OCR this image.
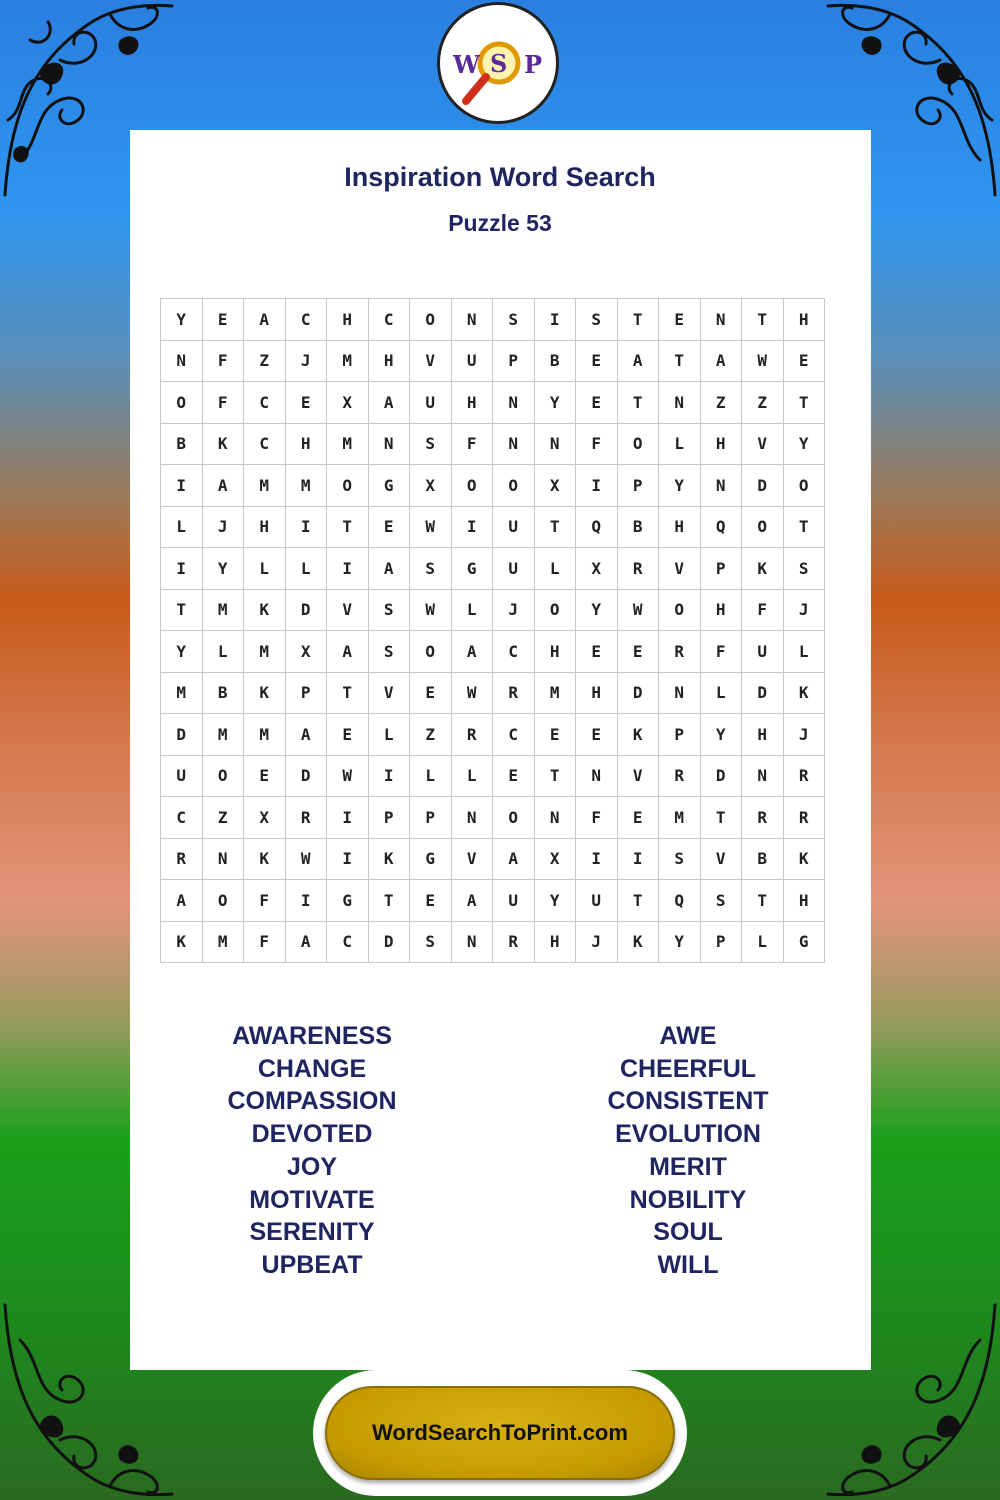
W S P
Inspiration Word Search
Puzzle 53
Y	E	A	C	H	C	O	N	S	I	S	T	E	N	T	H
N	F	Z	J	M	H	V	U	P	B	E	A	T	A	W	E
O	F	C	E	X	A	U	H	N	Y	E	T	N	Z	Z	T
B	K	C	H	M	N	S	F	N	N	F	O	L	H	V	Y
I	A	M	M	O	G	X	O	O	X	I	P	Y	N	D	O
L	J	H	I	T	E	W	I	U	T	Q	B	H	Q	O	T
I	Y	L	L	I	A	S	G	U	L	X	R	V	P	K	S
T	M	K	D	V	S	W	L	J	O	Y	W	O	H	F	J
Y	L	M	X	A	S	O	A	C	H	E	E	R	F	U	L
M	B	K	P	T	V	E	W	R	M	H	D	N	L	D	K
D	M	M	A	E	L	Z	R	C	E	E	K	P	Y	H	J
U	O	E	D	W	I	L	L	E	T	N	V	R	D	N	R
C	Z	X	R	I	P	P	N	O	N	F	E	M	T	R	R
R	N	K	W	I	K	G	V	A	X	I	I	S	V	B	K
A	O	F	I	G	T	E	A	U	Y	U	T	Q	S	T	H
K	M	F	A	C	D	S	N	R	H	J	K	Y	P	L	G
AWARENESS
CHANGE
COMPASSION
DEVOTED
JOY
MOTIVATE
SERENITY
UPBEAT
AWE
CHEERFUL
CONSISTENT
EVOLUTION
MERIT
NOBILITY
SOUL
WILL
WordSearchToPrint.com
